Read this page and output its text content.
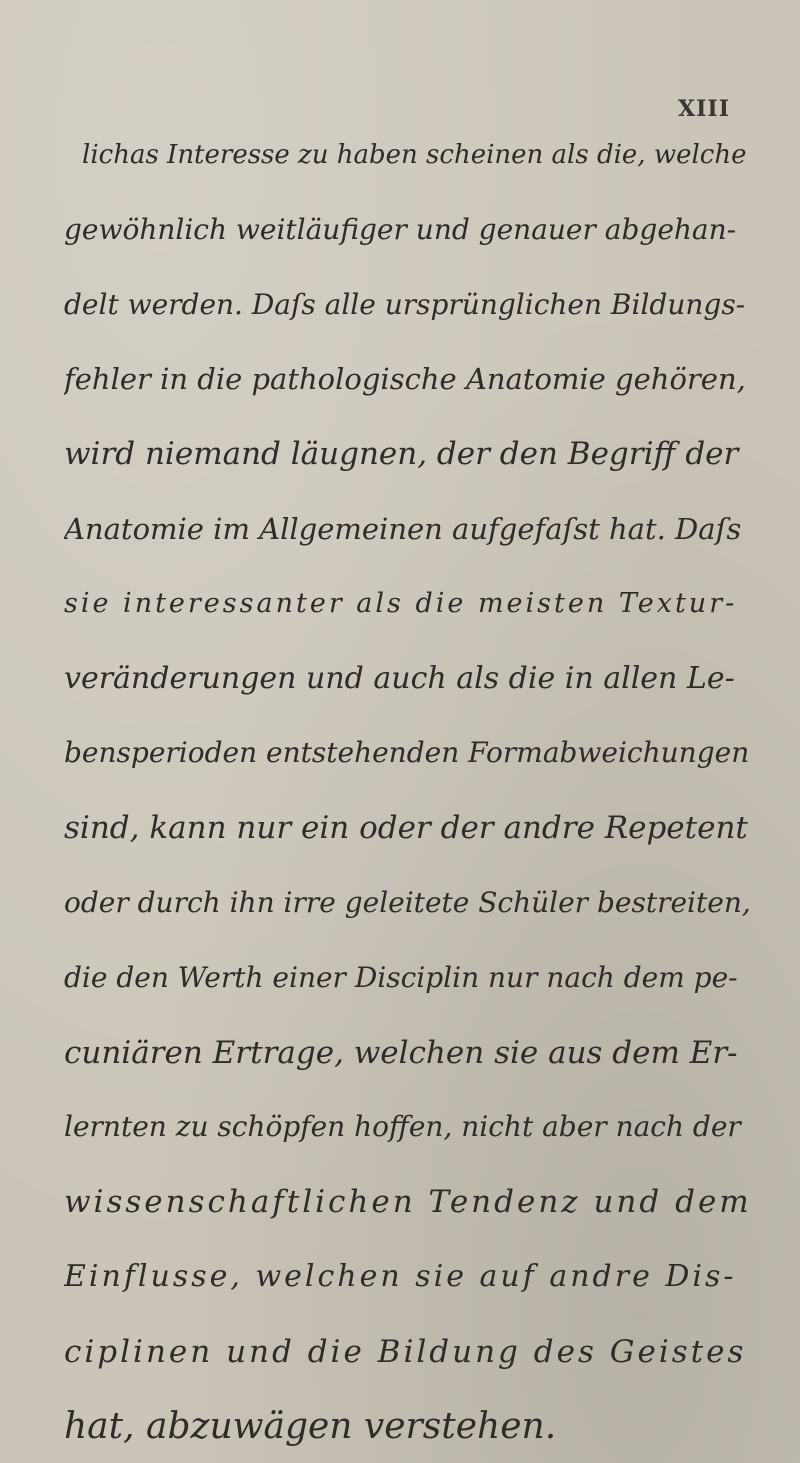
XIII
lichas Interesse zu haben scheinen als die, welche
gewöhnlich weitläufiger und genauer abgehan-
delt werden. Daſs alle ursprünglichen Bildungs-
fehler in die pathologische Anatomie gehören,
wird niemand läugnen, der den Begriff der
Anatomie im Allgemeinen aufgefaſst hat. Daſs
sie interessanter als die meisten Textur-
veränderungen und auch als die in allen Le-
bensperioden entstehenden Formabweichungen
sind, kann nur ein oder der andre Repetent
oder durch ihn irre geleitete Schüler bestreiten,
die den Werth einer Disciplin nur nach dem pe-
cuniären Ertrage, welchen sie aus dem Er-
lernten zu schöpfen hoffen, nicht aber nach der
wissenschaftlichen Tendenz und dem
Einflusse, welchen sie auf andre Dis-
ciplinen und die Bildung des Geistes
hat, abzuwägen verstehen.
